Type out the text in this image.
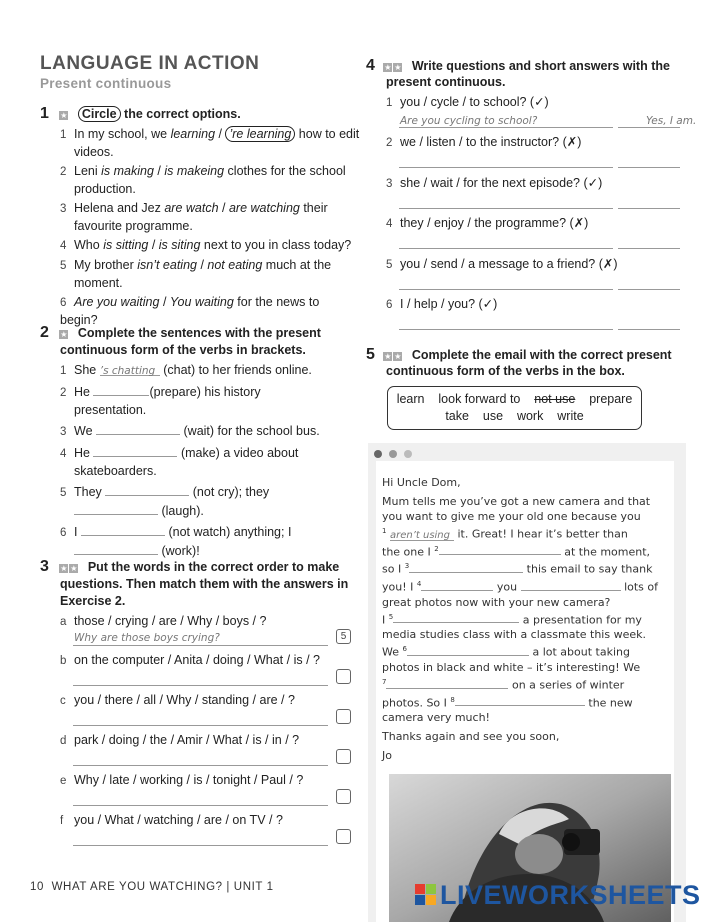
LANGUAGE IN ACTION
Present continuous
1 ★ Circle the correct options.
1 In my school, we learning / ’re learning how to edit
videos.
2 Leni is making / is makeing clothes for the school
production.
3 Helena and Jez are watch / are watching their
favourite programme.
4 Who is sitting / is siting next to you in class today?
5 My brother isn’t eating / not eating much at the
moment.
6 Are you waiting / You waiting for the news to begin?
2 ★ Complete the sentences with the present
continuous form of the verbs in brackets.
1 She ’s chatting (chat) to her friends online.
2 He	(prepare) his history
presentation.
3 We	(wait) for the school bus.
4 He	(make) a video about
skateboarders.
5 They	(not cry); they
(laugh).
6 I	(not watch) anything; I
(work)!
3 ★ ★ Put the words in the correct order to make
questions. Then match them with the answers in
Exercise 2.
a those / crying / are / Why / boys / ?
Why are those boys crying?	5
b on the computer / Anita / doing / What / is / ?
c you / there / all / Why / standing / are / ?
d park / doing / the / Amir / What / is / in / ?
e Why / late / working / is / tonight / Paul / ?
f you / What / watching / are / on TV / ?
4 ★ ★ Write questions and short answers with the
present continuous.
1 you / cycle / to school? (✓)
Are you cycling to school?	Yes, I am.
2 we / listen / to the instructor? (✗)
3 she / wait / for the next episode? (✓)
4 they / enjoy / the programme? (✗)
5 you / send / a message to a friend? (✗)
6 I / help / you? (✓)
5 ★ ★ Complete the email with the correct present
continuous form of the verbs in the box.
learn look forward to not use prepare
take use work write
Hi Uncle Dom,
Mum tells me you’ve got a new camera and that
you want to give me your old one because you
$^1$ aren’t using it. Great! I hear it’s better than
the one I $^2$	at the moment,
so I $^3$	this email to say thank
you! I $^4$	you	lots of
great photos now with your new camera?
I $^5$	a presentation for my
media studies class with a classmate this week.
We $^6$	a lot about taking
photos in black and white – it’s interesting! We
$^7$	on a series of winter
photos. So I $^8$	the new
camera very much!
Thanks again and see you soon,
Jo
10 WHAT ARE YOU WATCHING? | UNIT 1	LIVEWORKSHEETS
